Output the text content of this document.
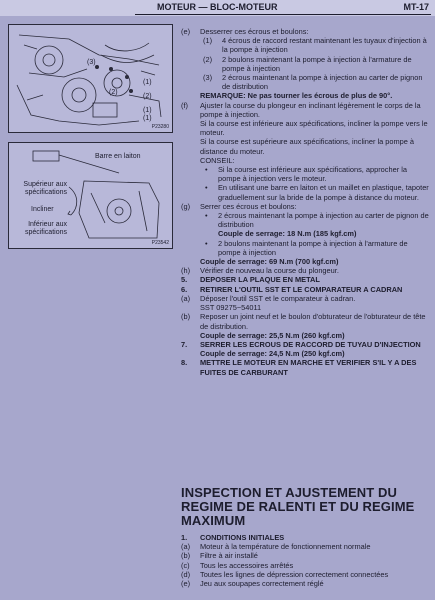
MOTEUR — BLOC-MOTEUR	MT-17
(3)
(1)
(2)
(1)
(1)
(2)
P23280
Barre en laiton
Supérieur aux spécifications
Incliner
Inférieur aux spécifications
P23542
(e) Desserrer ces écrous et boulons:
(1) 4 écrous de raccord restant maintenant les tuyaux d'injection à la pompe à injection
(2) 2 boulons maintenant la pompe à injection à l'armature de pompe à injection
(3) 2 écrous maintenant la pompe à injection au carter de pignon de distribution
REMARQUE: Ne pas tourner les écrous de plus de 90°.
(f) Ajuster la course du plongeur en inclinant légèrement le corps de la pompe à injection.
Si la course est inférieure aux spécifications, incliner la pompe vers le moteur.
Si la course est supérieure aux spécifications, incliner la pompe à distance du moteur.
CONSEIL:
• Si la course est inférieure aux spécifications, approcher la pompe à injection vers le moteur.
• En utilisant une barre en laiton et un maillet en plastique, tapoter graduellement sur la bride de la pompe à distance du moteur.
(g) Serrer ces écrous et boulons:
• 2 écrous maintenant la pompe à injection au carter de pignon de distribution
Couple de serrage: 18 N.m (185 kgf.cm)
• 2 boulons maintenant la pompe à injection à l'armature de pompe à injection
Couple de serrage: 69 N.m (700 kgf.cm)
(h) Vérifier de nouveau la course du plongeur.
5. DEPOSER LA PLAQUE EN METAL
6. RETIRER L'OUTIL SST ET LE COMPARATEUR A CADRAN
(a) Déposer l'outil SST et le comparateur à cadran.
SST 09275−54011
(b) Reposer un joint neuf et le boulon d'obturateur de l'obturateur de tête de distribution.
Couple de serrage: 25,5 N.m (260 kgf.cm)
7. SERRER LES ECROUS DE RACCORD DE TUYAU D'INJECTION
Couple de serrage: 24,5 N.m (250 kgf.cm)
8. METTRE LE MOTEUR EN MARCHE ET VERIFIER S'IL Y A DES FUITES DE CARBURANT
INSPECTION ET AJUSTEMENT DU REGIME DE RALENTI ET DU REGIME MAXIMUM
1. CONDITIONS INITIALES
(a) Moteur à la température de fonctionnement normale
(b) Filtre à air installé
(c) Tous les accessoires arrêtés
(d) Toutes les lignes de dépression correctement connectées
(e) Jeu aux soupapes correctement réglé
